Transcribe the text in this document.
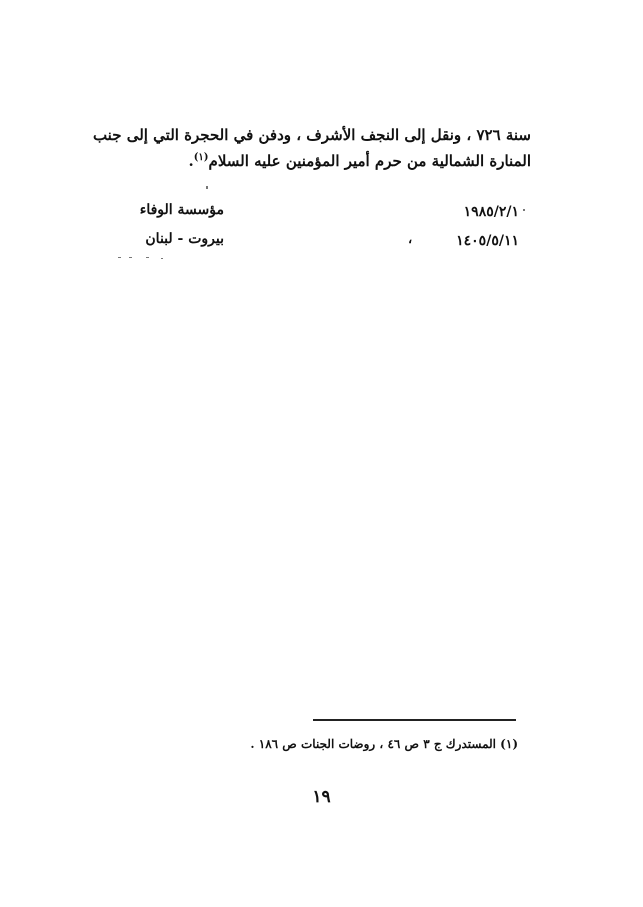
سنة ٧٢٦ ، ونقل إلى النجف الأشرف ، ودفن في الحجرة التي إلى جنب
المنارة الشمالية من حرم أمير المؤمنين عليه السلام$^{(١)}$.
مؤسسة الوفاء
بيروت - لبنان
١٩٨٥/٢/١
١٤٠٥/٥/١١
،
(١) المستدرك ج ٣ ص ٤٦ ، روضات الجنات ص ١٨٦ .
١٩
